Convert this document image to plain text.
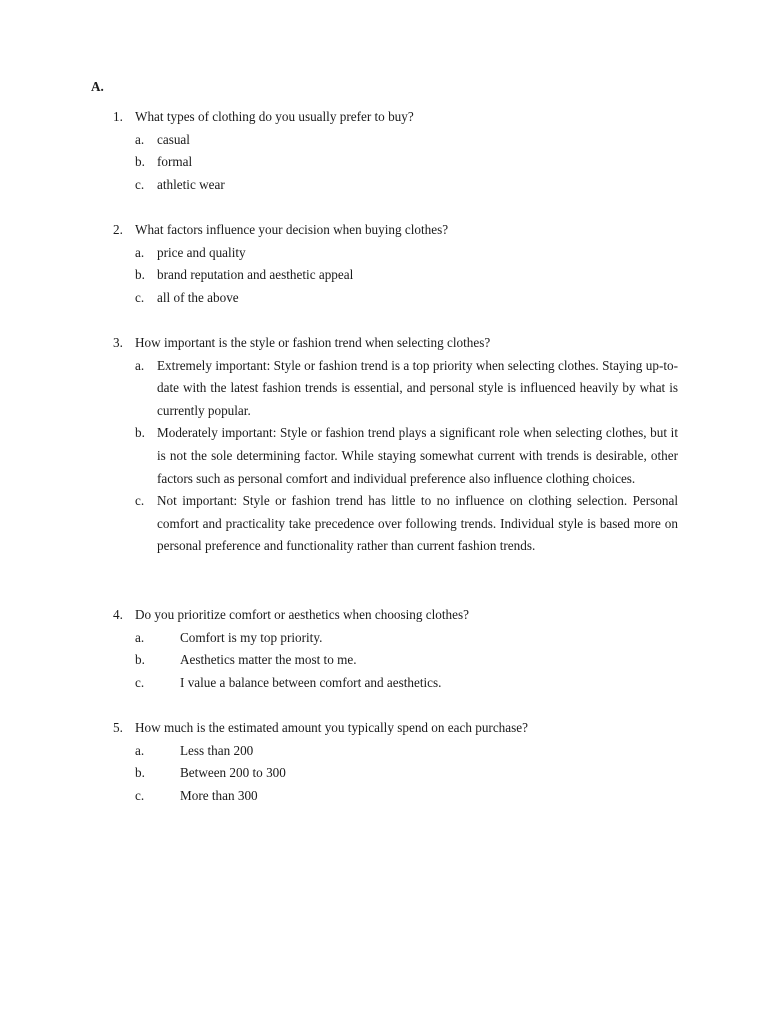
A.
1. What types of clothing do you usually prefer to buy?
a. casual
b. formal
c. athletic wear
2. What factors influence your decision when buying clothes?
a. price and quality
b. brand reputation and aesthetic appeal
c. all of the above
3. How important is the style or fashion trend when selecting clothes?
a. Extremely important: Style or fashion trend is a top priority when selecting clothes. Staying up-to-date with the latest fashion trends is essential, and personal style is influenced heavily by what is currently popular.
b. Moderately important: Style or fashion trend plays a significant role when selecting clothes, but it is not the sole determining factor. While staying somewhat current with trends is desirable, other factors such as personal comfort and individual preference also influence clothing choices.
c. Not important: Style or fashion trend has little to no influence on clothing selection. Personal comfort and practicality take precedence over following trends. Individual style is based more on personal preference and functionality rather than current fashion trends.
4. Do you prioritize comfort or aesthetics when choosing clothes?
a.	Comfort is my top priority.
b.	Aesthetics matter the most to me.
c.	I value a balance between comfort and aesthetics.
5. How much is the estimated amount you typically spend on each purchase?
a.	Less than 200
b.	Between 200 to 300
c.	More than 300
